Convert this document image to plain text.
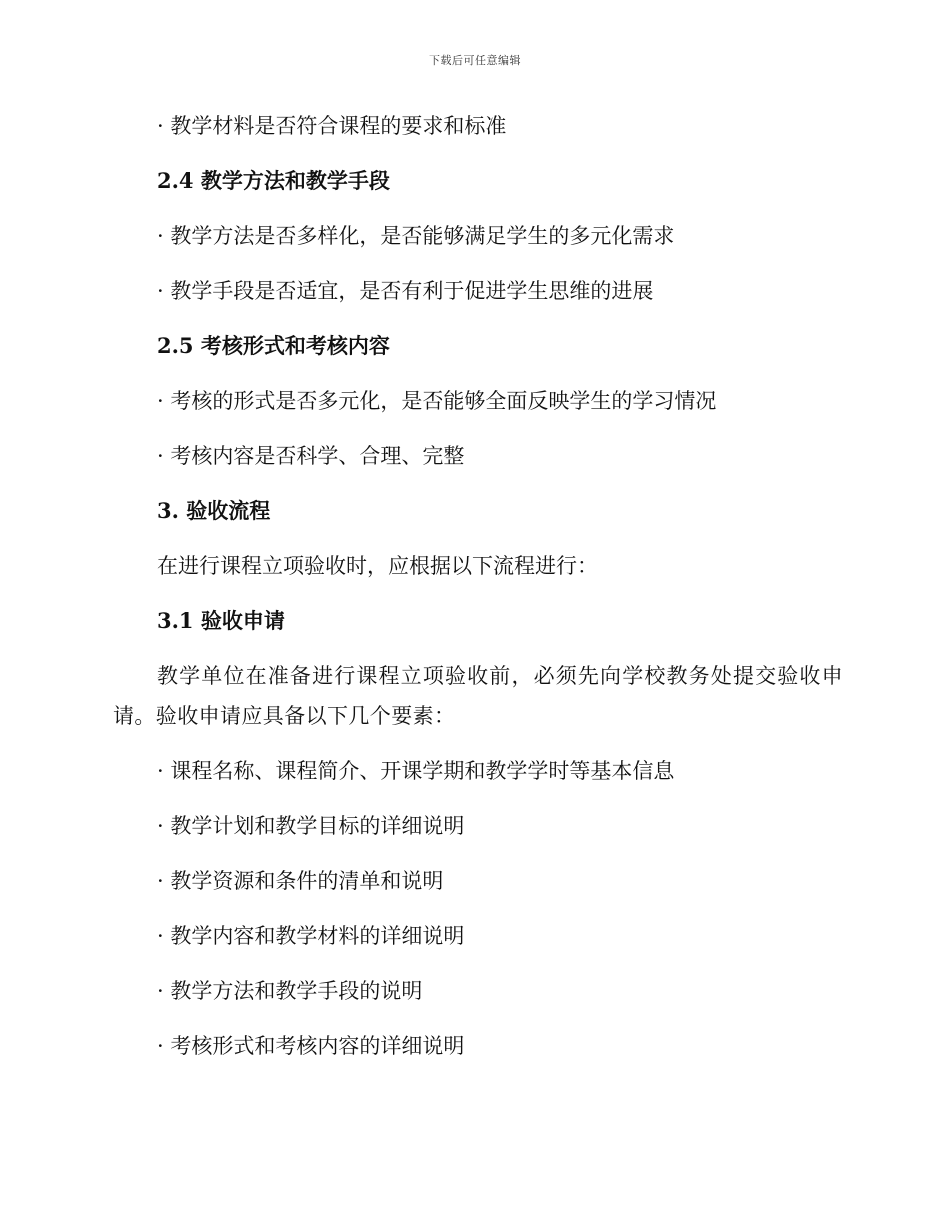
下载后可任意编辑
· 教学材料是否符合课程的要求和标准
2.4 教学方法和教学手段
· 教学方法是否多样化，是否能够满足学生的多元化需求
· 教学手段是否适宜，是否有利于促进学生思维的进展
2.5 考核形式和考核内容
· 考核的形式是否多元化，是否能够全面反映学生的学习情况
· 考核内容是否科学、合理、完整
3. 验收流程
在进行课程立项验收时，应根据以下流程进行：
3.1 验收申请
教学单位在准备进行课程立项验收前，必须先向学校教务处提交验收申请。验收申请应具备以下几个要素：
· 课程名称、课程简介、开课学期和教学学时等基本信息
· 教学计划和教学目标的详细说明
· 教学资源和条件的清单和说明
· 教学内容和教学材料的详细说明
· 教学方法和教学手段的说明
· 考核形式和考核内容的详细说明
